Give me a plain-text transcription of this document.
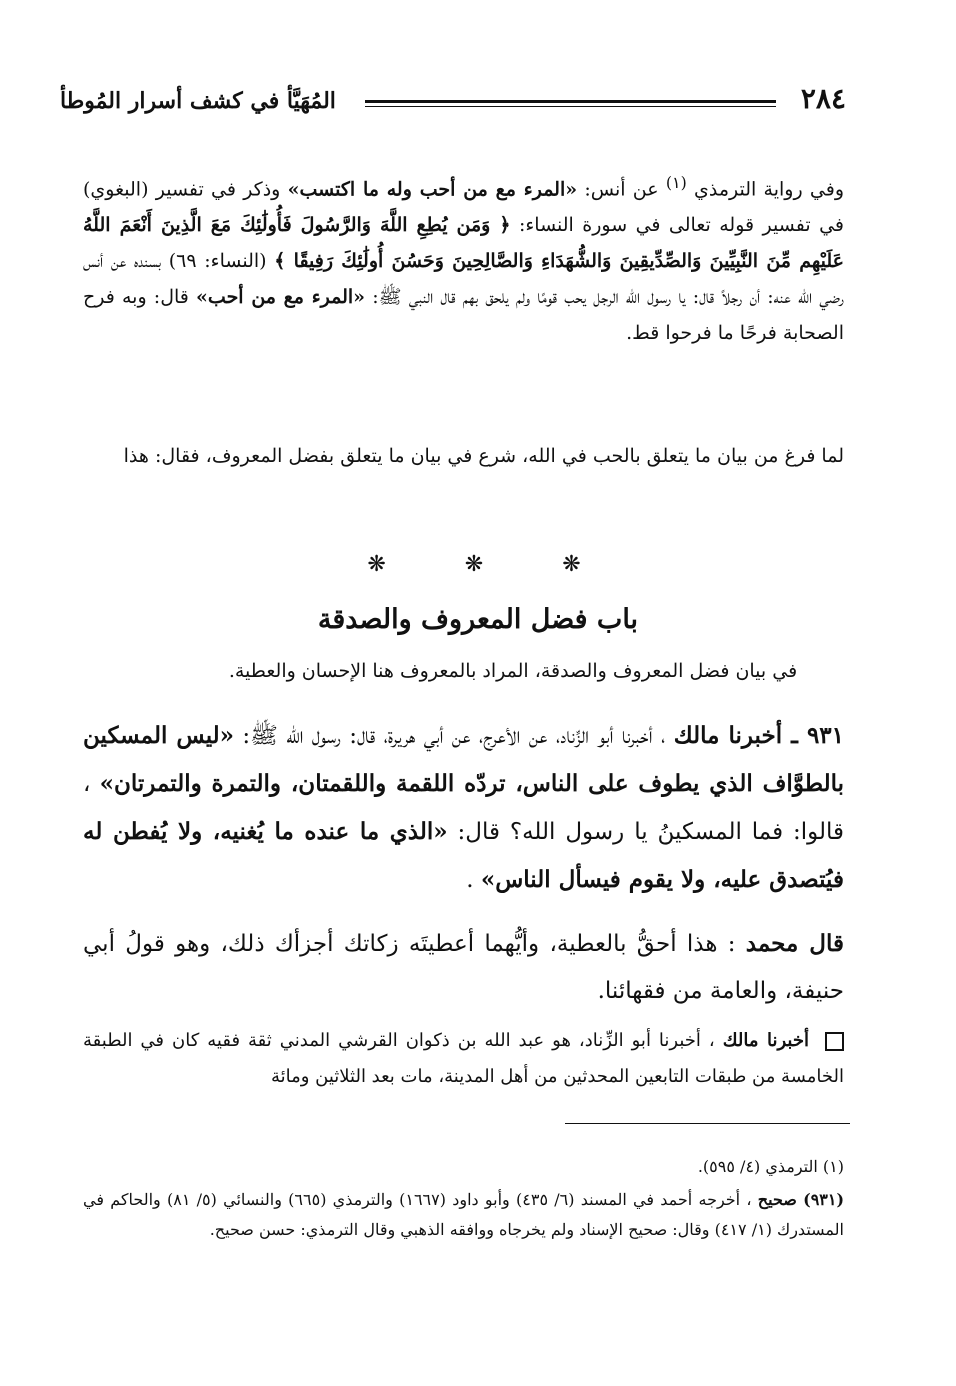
٢٨٤
المُهَيَّأ في كشف أسرار المُوطأ
وفي رواية الترمذي $^{(١)}$ عن أنس: «المرء مع من أحب وله ما اكتسب» وذكر في تفسير (البغوي) في تفسير قوله تعالى في سورة النساء: ﴿ وَمَن يُطِعِ اللَّهَ وَالرَّسُولَ فَأُولَٰئِكَ مَعَ الَّذِينَ أَنْعَمَ اللَّهُ عَلَيْهِم مِّنَ النَّبِيِّينَ وَالصِّدِّيقِينَ وَالشُّهَدَاءِ وَالصَّالِحِينَ وَحَسُنَ أُولَٰئِكَ رَفِيقًا ﴾ (النساء: ٦٩) بسنده عن أنس رضي الله عنه: أن رجلاً قال: يا رسول الله الرجل يحب قومًا ولم يلحق بهم قال النبي ﷺ: «المرء مع من أحب» قال: وبه فرح الصحابة فرحًا ما فرحوا قط.
لما فرغ من بيان ما يتعلق بالحب في الله، شرع في بيان ما يتعلق بفضل المعروف، فقال: هذا
❋ ❋ ❋
باب فضل المعروف والصدقة
في بيان فضل المعروف والصدقة، المراد بالمعروف هنا الإحسان والعطية.
٩٣١ ـ أخبرنا مالك ، أخبرنا أبو الزِّناد، عن الأعرج، عن أبي هريرة، قال: رسول الله ﷺ: «ليس المسكين بالطوَّاف الذي يطوف على الناس، تردّه اللقمة واللقمتان، والتمرة والتمرتان» ، قالوا: فما المسكينُ يا رسول الله؟ قال: «الذي ما عنده ما يُغنيه، ولا يُفطن له فيُتصدق عليه، ولا يقوم فيسأل الناس» .
قال محمد : هذا أحقُّ بالعطية، وأيُّهما أعطيتَه زكاتك أجزأك ذلك، وهو قولُ أبي حنيفة، والعامة من فقهائنا.
أخبرنا مالك ، أخبرنا أبو الزِّناد، هو عبد الله بن ذكوان القرشي المدني ثقة فقيه كان في الطبقة الخامسة من طبقات التابعين المحدثين من أهل المدينة، مات بعد الثلاثين ومائة
(١) الترمذي (٤/ ٥٩٥).
(٩٣١) صحيح ، أخرجه أحمد في المسند (٦/ ٤٣٥) وأبو داود (١٦٦٧) والترمذي (٦٦٥) والنسائي (٥/ ٨١) والحاكم في المستدرك (١/ ٤١٧) وقال: صحيح الإسناد ولم يخرجاه ووافقه الذهبي وقال الترمذي: حسن صحيح.
